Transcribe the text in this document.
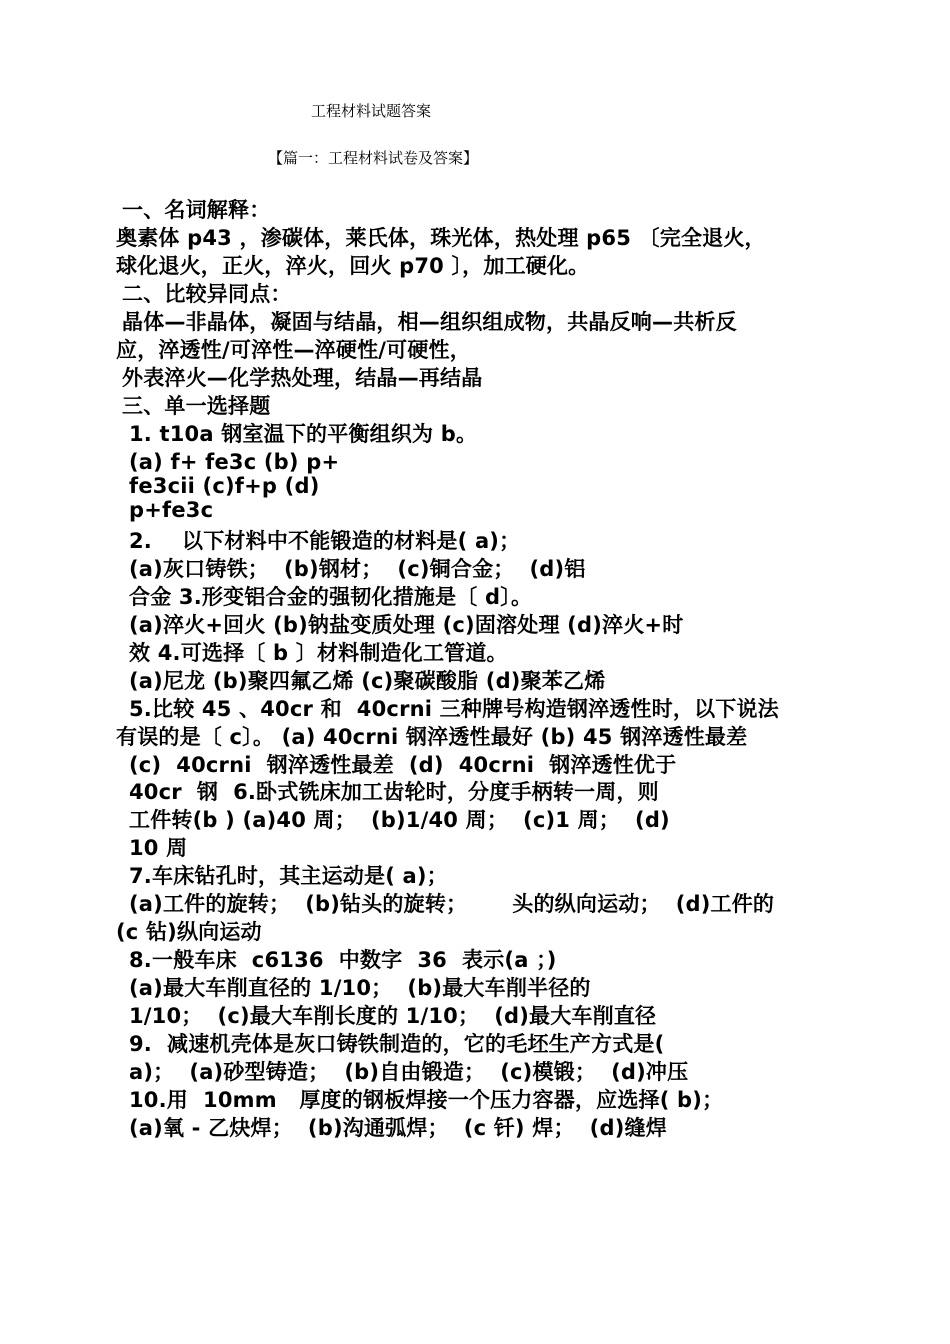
工程材料试题答案
【篇一：工程材料试卷及答案】
一、名词解释：
奥素体 p43 ，渗碳体，莱氏体，珠光体，热处理 p65 〔完全退火，
球化退火，正火，淬火，回火 p70 〕，加工硬化。
二、比较异同点：
晶体—非晶体，凝固与结晶，相—组织组成物，共晶反响—共析反
应，淬透性/可淬性—淬硬性/可硬性，
外表淬火—化学热处理，结晶—再结晶
三、单一选择题
1. t10a 钢室温下的平衡组织为 b。
(a) f+ fe3c (b) p+
fe3cii (c)f+p (d)
p+fe3c
2.    以下材料中不能锻造的材料是( a)；
(a)灰口铸铁；  (b)钢材；  (c)铜合金；  (d)铝
合金 3.形变铝合金的强韧化措施是〔 d〕。
(a)淬火+回火 (b)钠盐变质处理 (c)固溶处理 (d)淬火+时
效 4.可选择〔 b 〕材料制造化工管道。
(a)尼龙 (b)聚四氟乙烯 (c)聚碳酸脂 (d)聚苯乙烯
5.比较 45 、40cr 和  40crni 三种牌号构造钢淬透性时，以下说法
有误的是〔 c〕。 (a) 40crni 钢淬透性最好 (b) 45 钢淬透性最差
(c)  40crni  钢淬透性最差  (d)  40crni  钢淬透性优于
40cr  钢  6.卧式铣床加工齿轮时，分度手柄转一周，则
工件转(b ) (a)40 周；  (b)1/40 周；  (c)1 周；  (d)
10 周
7.车床钻孔时，其主运动是( a)；
(a)工件的旋转；  (b)钻头的旋转；      头的纵向运动；  (d)工件的
(c 钻)纵向运动
8.一般车床  c6136  中数字  36  表示(a ；)
(a)最大车削直径的 1/10；  (b)最大车削半径的
1/10；  (c)最大车削长度的 1/10；  (d)最大车削直径
9.  减速机壳体是灰口铸铁制造的，它的毛坯生产方式是(
a)；  (a)砂型铸造；  (b)自由锻造；  (c)模锻；  (d)冲压
10.用  10mm   厚度的钢板焊接一个压力容器，应选择( b)；
(a)氧 - 乙炔焊；  (b)沟通弧焊；  (c 钎) 焊；  (d)缝焊
